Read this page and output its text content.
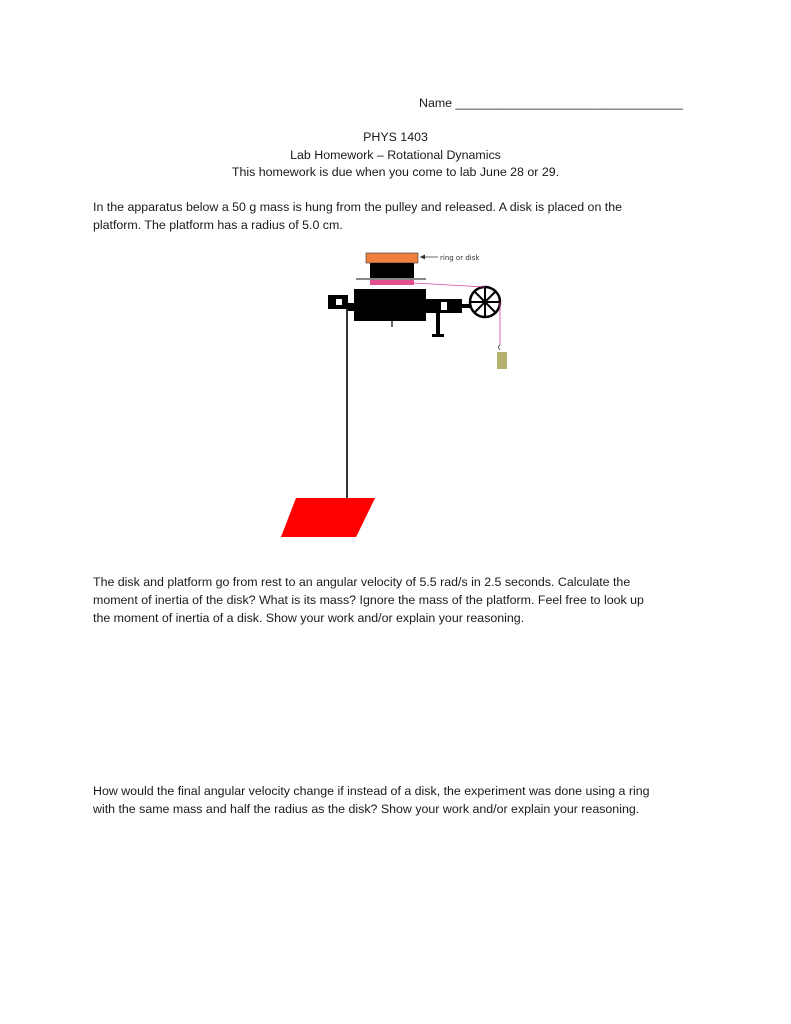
Name _________________________________
PHYS 1403
Lab Homework – Rotational Dynamics
This homework is due when you come to lab June 28 or 29.
In the apparatus below a 50 g mass is hung from the pulley and released. A disk is placed on the
platform. The platform has a radius of 5.0 cm.
ring or disk
The disk and platform go from rest to an angular velocity of 5.5 rad/s in 2.5 seconds. Calculate the
moment of inertia of the disk? What is its mass? Ignore the mass of the platform. Feel free to look up
the moment of inertia of a disk. Show your work and/or explain your reasoning.
How would the final angular velocity change if instead of a disk, the experiment was done using a ring
with the same mass and half the radius as the disk? Show your work and/or explain your reasoning.
